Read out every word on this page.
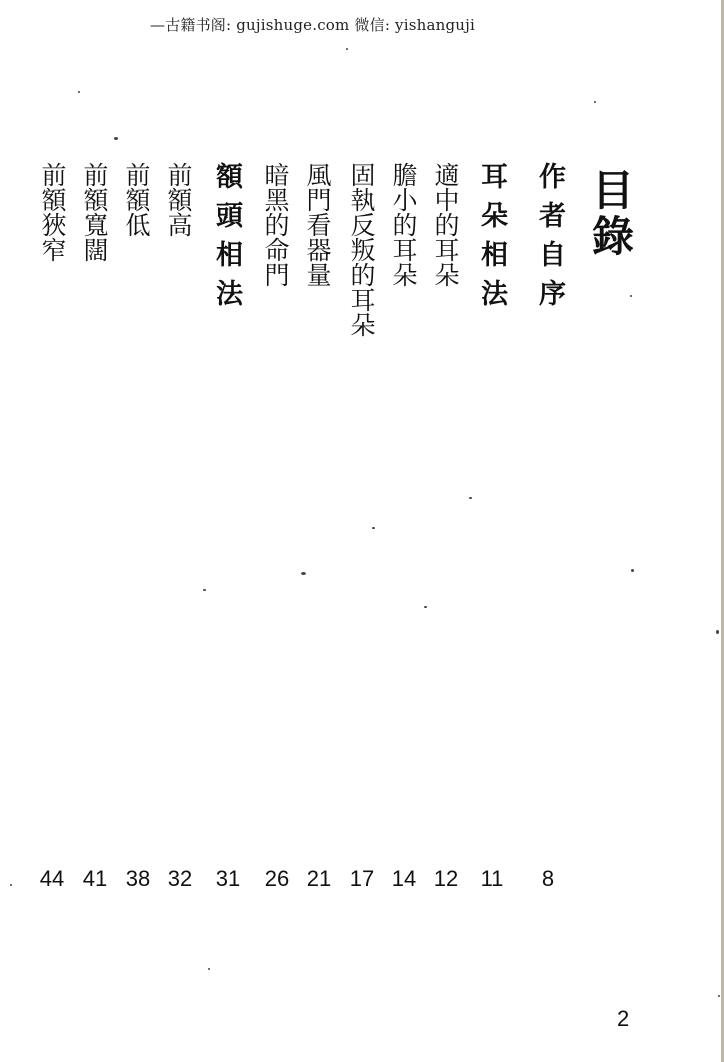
—古籍书阁: gujishuge.com 微信: yishanguji
目錄
作者自序
耳朵相法
適中的耳朵
膽小的耳朵
固執反叛的耳朵
風門看器量
暗黑的命門
額頭相法
前額高
前額低
前額寬闊
前額狹窄
8
11
12
14
17
21
26
31
32
38
41
44
2
